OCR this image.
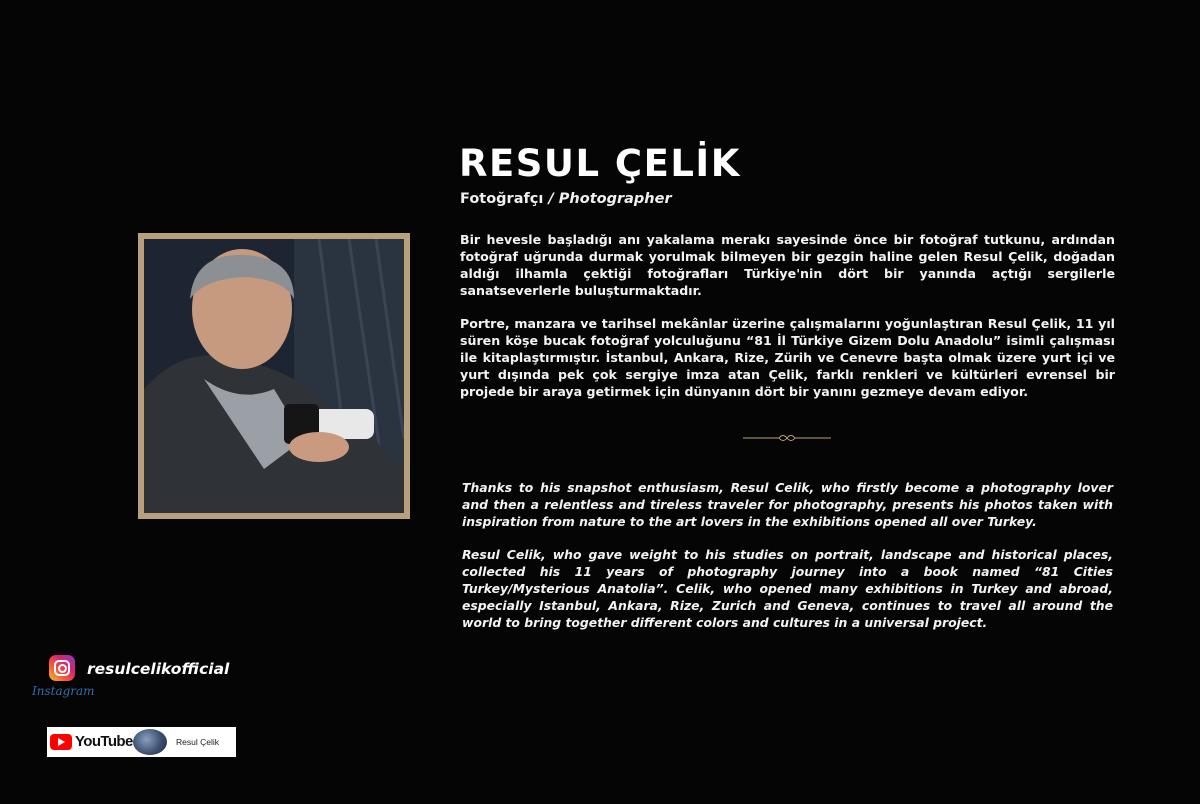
RESUL ÇELİK
Fotoğrafçı / Photographer

Bir hevesle başladığı anı yakalama merakı sayesinde önce bir fotoğraf tutkunu, ardından fotoğraf uğrunda durmak yorulmak bilmeyen bir gezgin haline gelen Resul Çelik, doğadan aldığı ilhamla çektiği fotoğrafları Türkiye'nin dört bir yanında açtığı sergilerle sanatseverlerle buluşturmaktadır.

Portre, manzara ve tarihsel mekânlar üzerine çalışmalarını yoğunlaştıran Resul Çelik, 11 yıl süren köşe bucak fotoğraf yolculuğunu “81 İl Türkiye Gizem Dolu Anadolu” isimli çalışması ile kitaplaştırmıştır. İstanbul, Ankara, Rize, Zürih ve Cenevre başta olmak üzere yurt içi ve yurt dışında pek çok sergiye imza atan Çelik, farklı renkleri ve kültürleri evrensel bir projede bir araya getirmek için dünyanın dört bir yanını gezmeye devam ediyor.

Thanks to his snapshot enthusiasm, Resul Celik, who firstly become a photography lover and then a relentless and tireless traveler for photography, presents his photos taken with inspiration from nature to the art lovers in the exhibitions opened all over Turkey.

Resul Celik, who gave weight to his studies on portrait, landscape and historical places, collected his 11 years of photography journey into a book named “81 Cities Turkey/Mysterious Anatolia”. Celik, who opened many exhibitions in Turkey and abroad, especially Istanbul, Ankara, Rize, Zurich and Geneva, continues to travel all around the world to bring together different colors and cultures in a universal project.

resulcelikofficial
Instagram
YouTube	Resul Çelik
